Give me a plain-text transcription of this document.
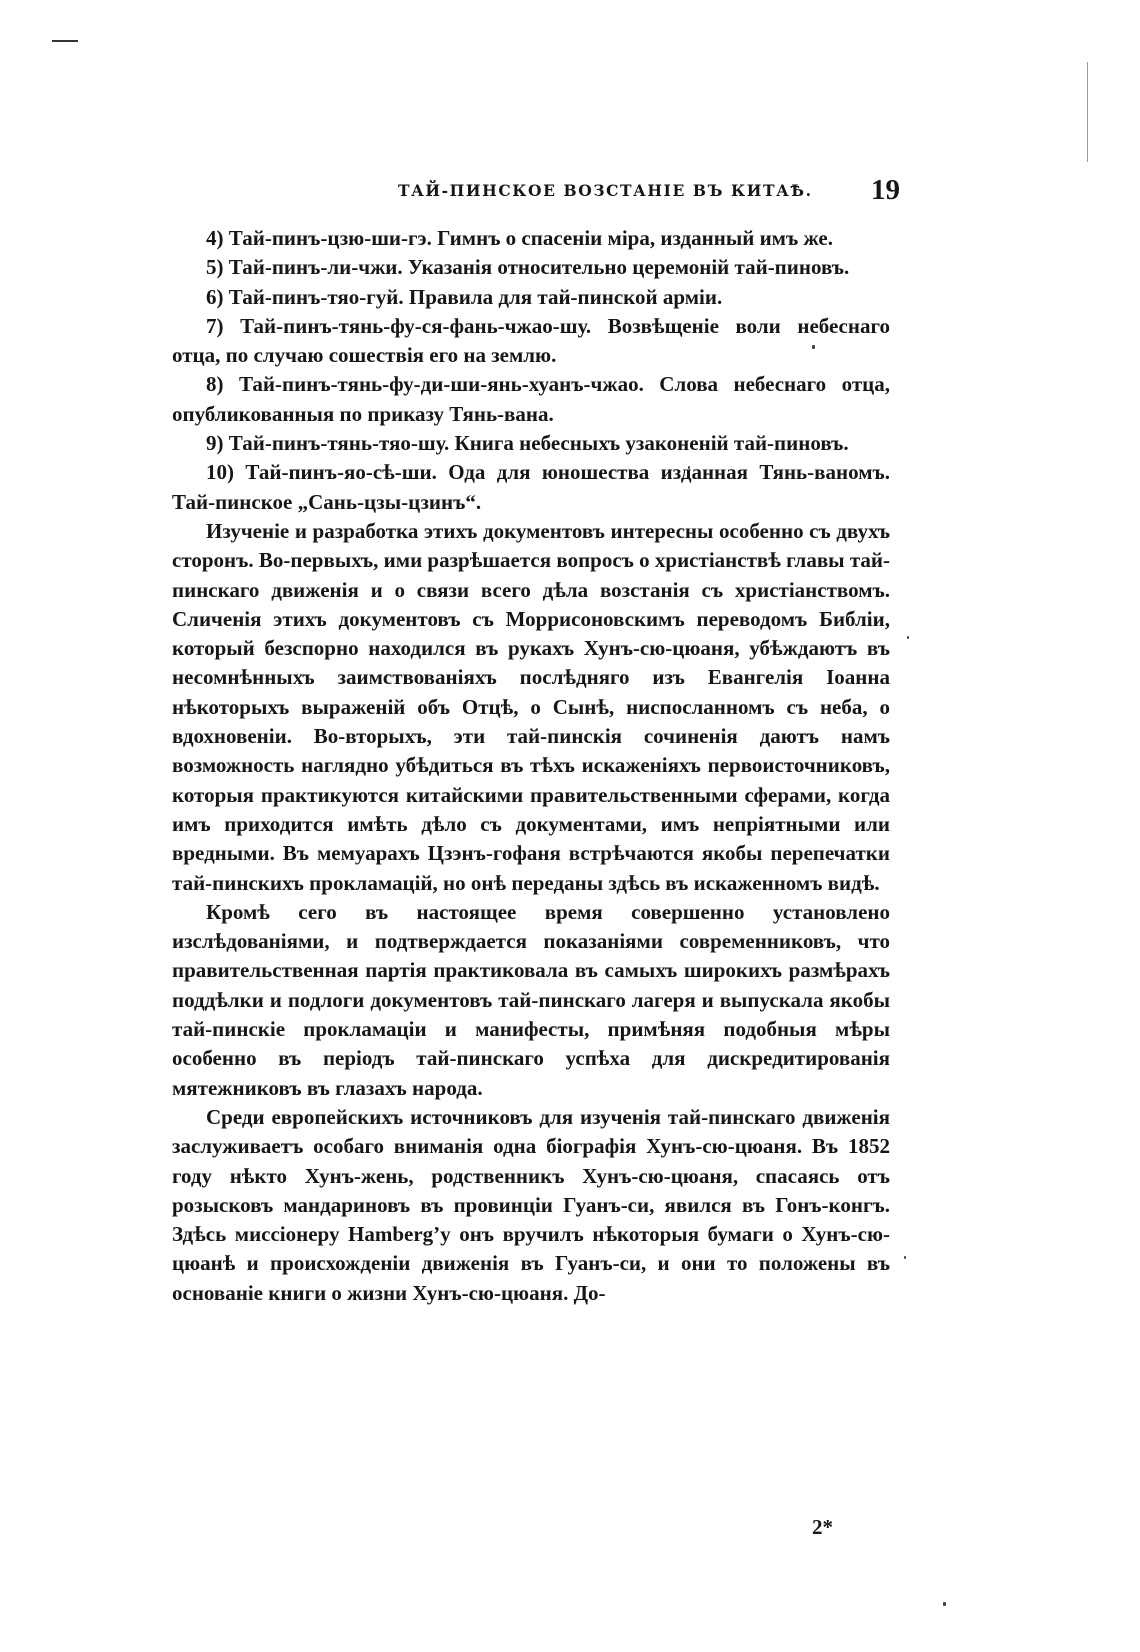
ТАЙ-ПИНСКОЕ ВОЗСТАНІЕ ВЪ КИТАѢ. 19

4) Тай-пинъ-цзю-ши-гэ. Гимнъ о спасеніи міра, изданный имъ же.

5) Тай-пинъ-ли-чжи. Указанія относительно церемоній тай-пиновъ.

6) Тай-пинъ-тяо-гуй. Правила для тай-пинской арміи.

7) Тай-пинъ-тянь-фу-ся-фань-чжао-шу. Возвѣщеніе воли небеснаго отца, по случаю сошествія его на землю.

8) Тай-пинъ-тянь-фу-ди-ши-янь-хуанъ-чжао. Слова небеснаго отца, опубликованныя по приказу Тянь-вана.

9) Тай-пинъ-тянь-тяо-шу. Книга небесныхъ узаконеній тай-пиновъ.

10) Тай-пинъ-яо-сѣ-ши. Ода для юношества изданная Тянь-ваномъ. Тай-пинское „Сань-цзы-цзинъ“.

Изученіе и разработка этихъ документовъ интересны особенно съ двухъ сторонъ. Во-первыхъ, ими разрѣшается вопросъ о христіанствѣ главы тай-пинскаго движенія и о связи всего дѣла возстанія съ христіанствомъ. Сличенія этихъ документовъ съ Моррисоновскимъ переводомъ Библіи, который безспорно находился въ рукахъ Хунъ-сю-цюаня, убѣждаютъ въ несомнѣнныхъ заимствованіяхъ послѣдняго изъ Евангелія Іоанна нѣкоторыхъ выраженій объ Отцѣ, о Сынѣ, ниспосланномъ съ неба, о вдохновеніи. Во-вторыхъ, эти тай-пинскія сочиненія даютъ намъ возможность наглядно убѣдиться въ тѣхъ искаженіяхъ первоисточниковъ, которыя практикуются китайскими правительственными сферами, когда имъ приходится имѣть дѣло съ документами, имъ непріятными или вредными. Въ мемуарахъ Цзэнъ-гофаня встрѣчаются якобы перепечатки тай-пинскихъ прокламацій, но онѣ переданы здѣсь въ искаженномъ видѣ.

Кромѣ сего въ настоящее время совершенно установлено изслѣдованіями, и подтверждается показаніями современниковъ, что правительственная партія практиковала въ самыхъ широкихъ размѣрахъ поддѣлки и подлоги документовъ тай-пинскаго лагеря и выпускала якобы тай-пинскіе прокламаціи и манифесты, примѣняя подобныя мѣры особенно въ періодъ тай-пинскаго успѣха для дискредитированія мятежниковъ въ глазахъ народа.

Среди европейскихъ источниковъ для изученія тай-пинскаго движенія заслуживаетъ особаго вниманія одна біографія Хунъ-сю-цюаня. Въ 1852 году нѣкто Хунъ-жень, родственникъ Хунъ-сю-цюаня, спасаясь отъ розысковъ мандариновъ въ провинціи Гуанъ-си, явился въ Гонъ-конгъ. Здѣсь миссіонеру Hamberg’у онъ вручилъ нѣкоторыя бумаги о Хунъ-сю-цюанѣ и происхожденіи движенія въ Гуанъ-си, и они то положены въ основаніе книги о жизни Хунъ-сю-цюаня. До-

2*
